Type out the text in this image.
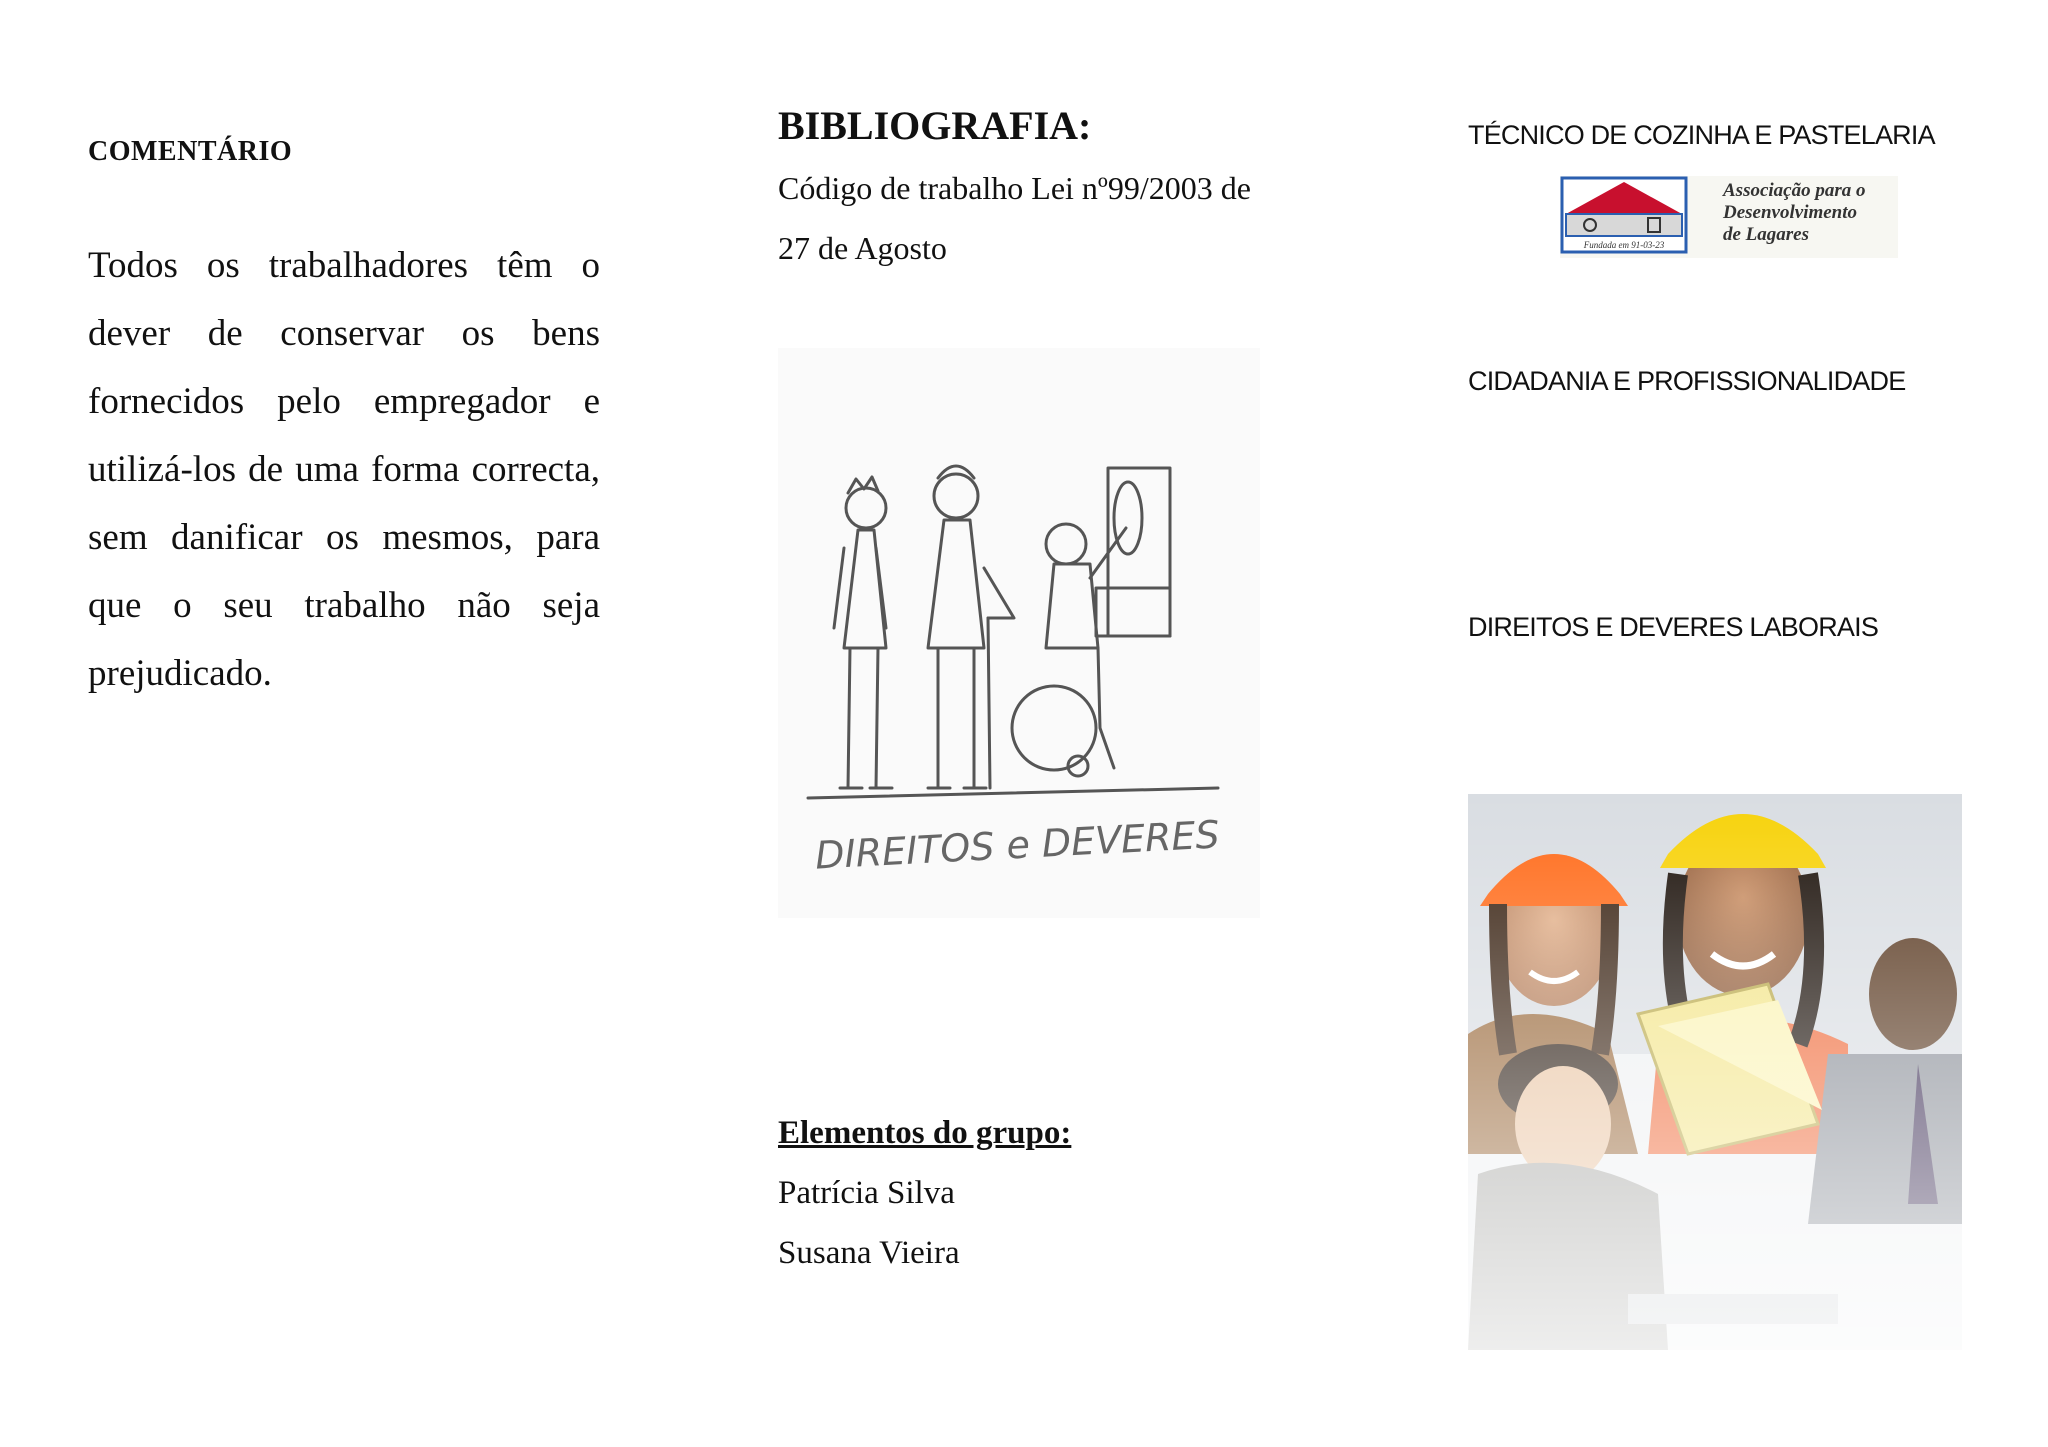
COMENTÁRIO
Todos os trabalhadores têm o dever de conservar os bens fornecidos pelo empregador e utilizá-los de uma forma correcta, sem danificar os mesmos, para que o seu trabalho não seja prejudicado.
BIBLIOGRAFIA:
Código de trabalho Lei nº99/2003 de
27 de Agosto
DIREITOS e DEVERES
Elementos do grupo:
Patrícia Silva
Susana Vieira
TÉCNICO DE COZINHA E PASTELARIA
Fundada em 91-03-23
Associação para o
Desenvolvimento
de Lagares
CIDADANIA E PROFISSIONALIDADE
DIREITOS E DEVERES LABORAIS
